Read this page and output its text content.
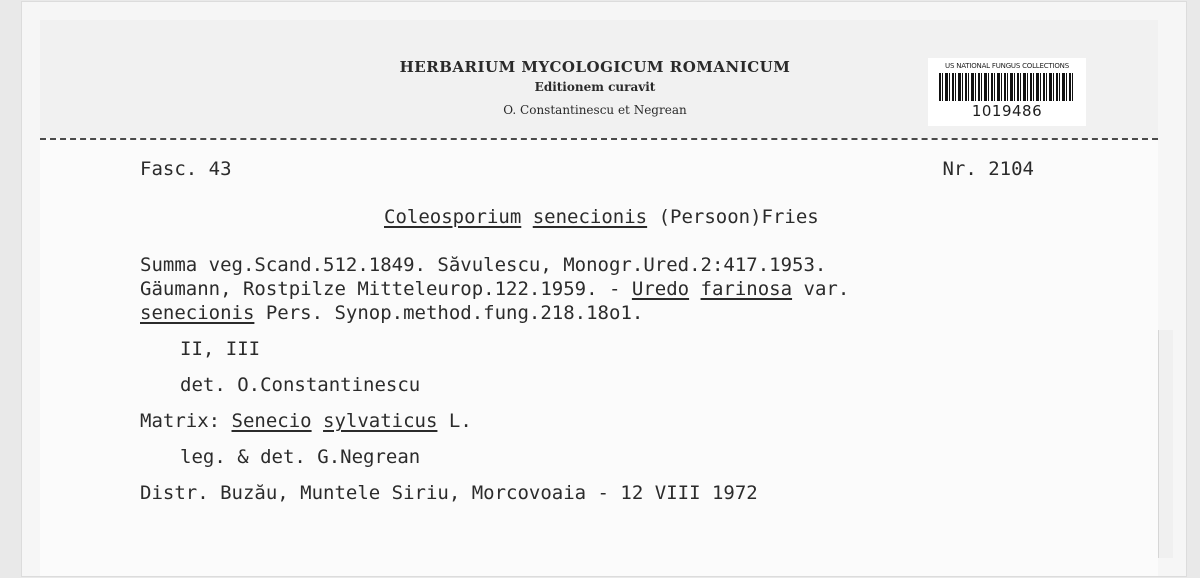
HERBARIUM MYCOLOGICUM ROMANICUM
Editionem curavit
O. Constantinescu et Negrean
US NATIONAL FUNGUS COLLECTIONS
1019486
Fasc. 43	Nr. 2104
Coleosporium senecionis (Persoon)Fries
Summa veg.Scand.512.1849. Săvulescu, Monogr.Ured.2:417.1953.
Gäumann, Rostpilze Mitteleurop.122.1959. - Uredo farinosa var.
senecionis Pers. Synop.method.fung.218.18o1.
II, III
det. O.Constantinescu
Matrix: Senecio sylvaticus L.
leg. & det. G.Negrean
Distr. Buzău, Muntele Siriu, Morcovoaia - 12 VIII 1972
